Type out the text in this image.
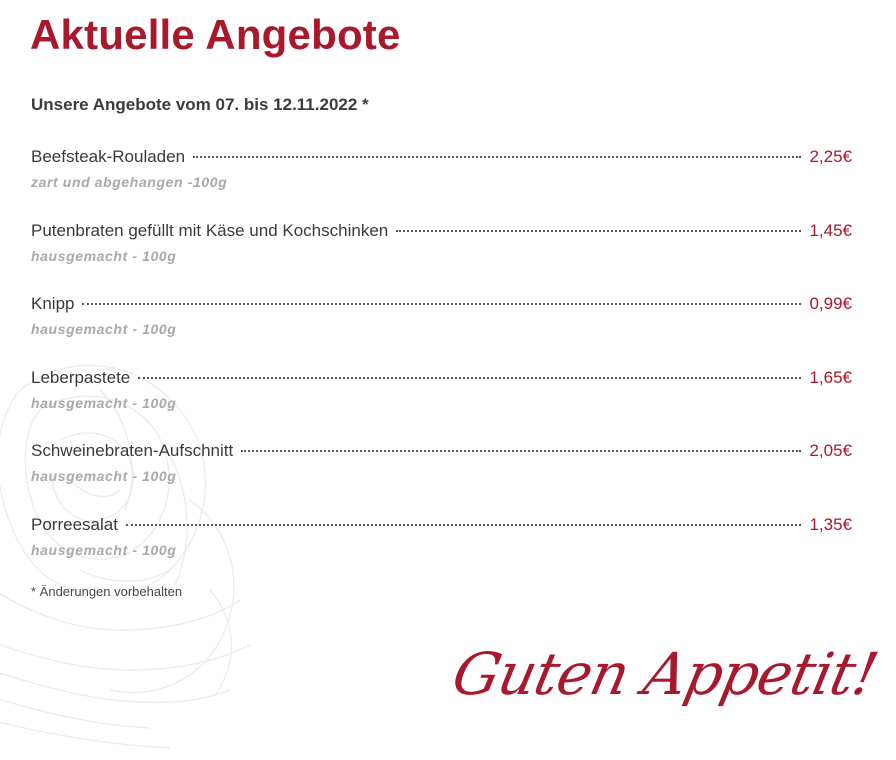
Aktuelle Angebote
Unsere Angebote vom 07. bis 12.11.2022 *
Beefsteak-Rouladen	2,25€
zart und abgehangen -100g
Putenbraten gefüllt mit Käse und Kochschinken	1,45€
hausgemacht - 100g
Knipp	0,99€
hausgemacht - 100g
Leberpastete	1,65€
hausgemacht - 100g
Schweinebraten-Aufschnitt	2,05€
hausgemacht - 100g
Porreesalat	1,35€
hausgemacht - 100g
* Änderungen vorbehalten
Guten Appetit!
